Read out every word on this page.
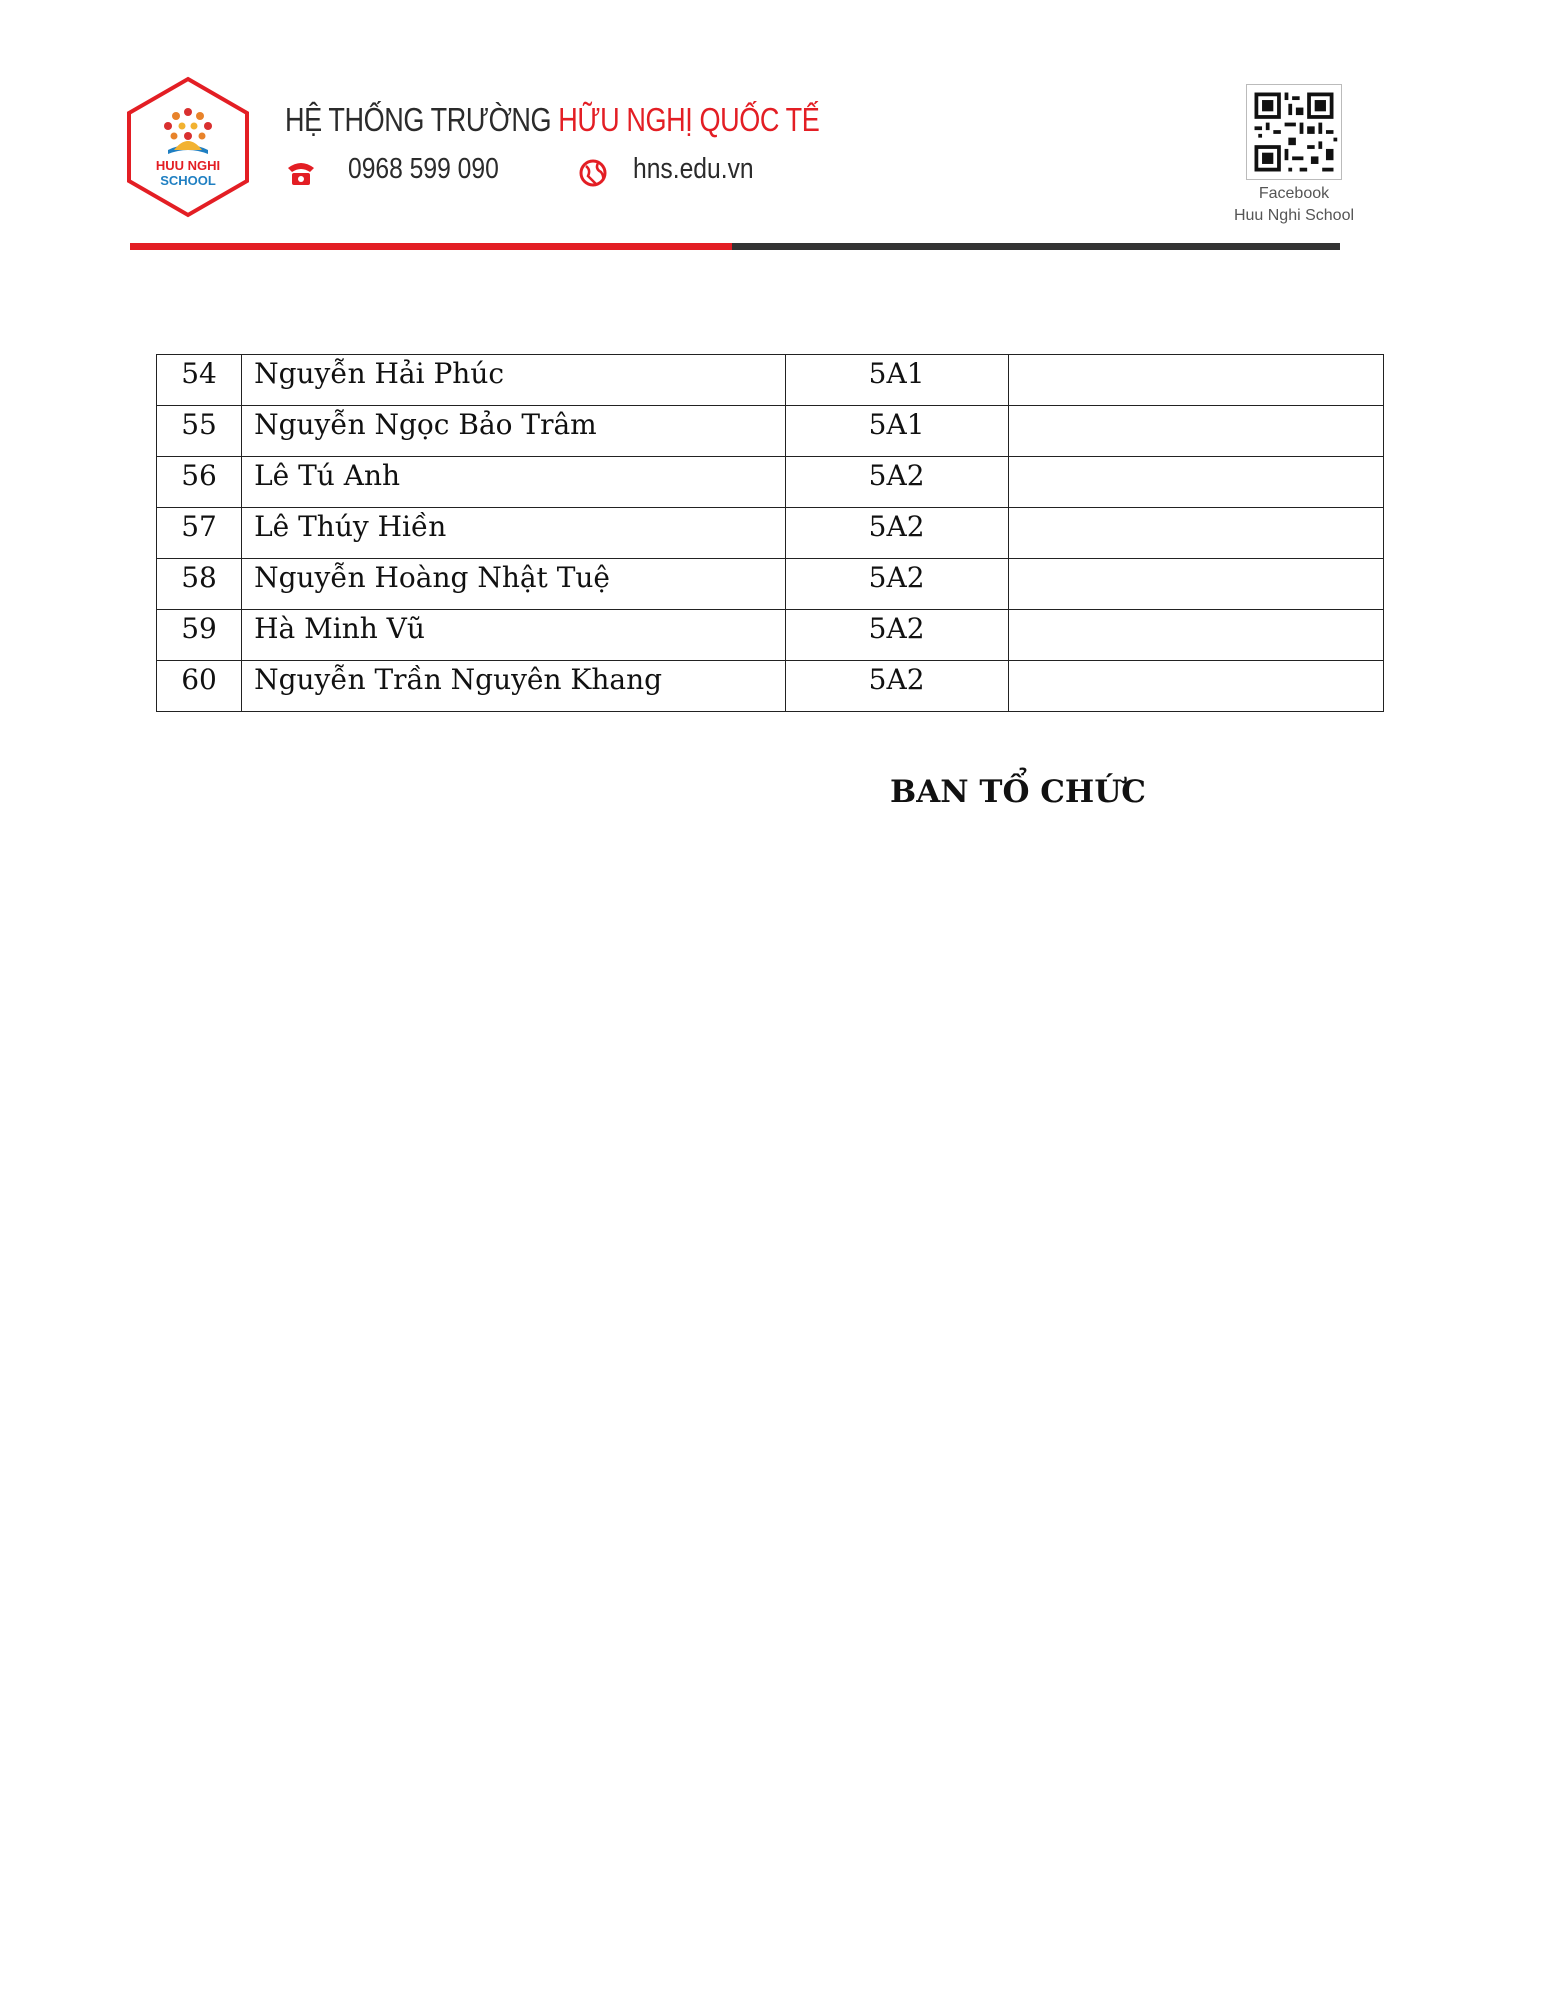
HUU NGHI
SCHOOL
HỆ THỐNG TRƯỜNG HỮU NGHỊ QUỐC TẾ
0968 599 090	hns.edu.vn
Facebook
Huu Nghi School
54	Nguyễn Hải Phúc	5A1	
55	Nguyễn Ngọc Bảo Trâm	5A1	
56	Lê Tú Anh	5A2	
57	Lê Thúy Hiền	5A2	
58	Nguyễn Hoàng Nhật Tuệ	5A2	
59	Hà Minh Vũ	5A2	
60	Nguyễn Trần Nguyên Khang	5A2	
BAN TỔ CHỨC
